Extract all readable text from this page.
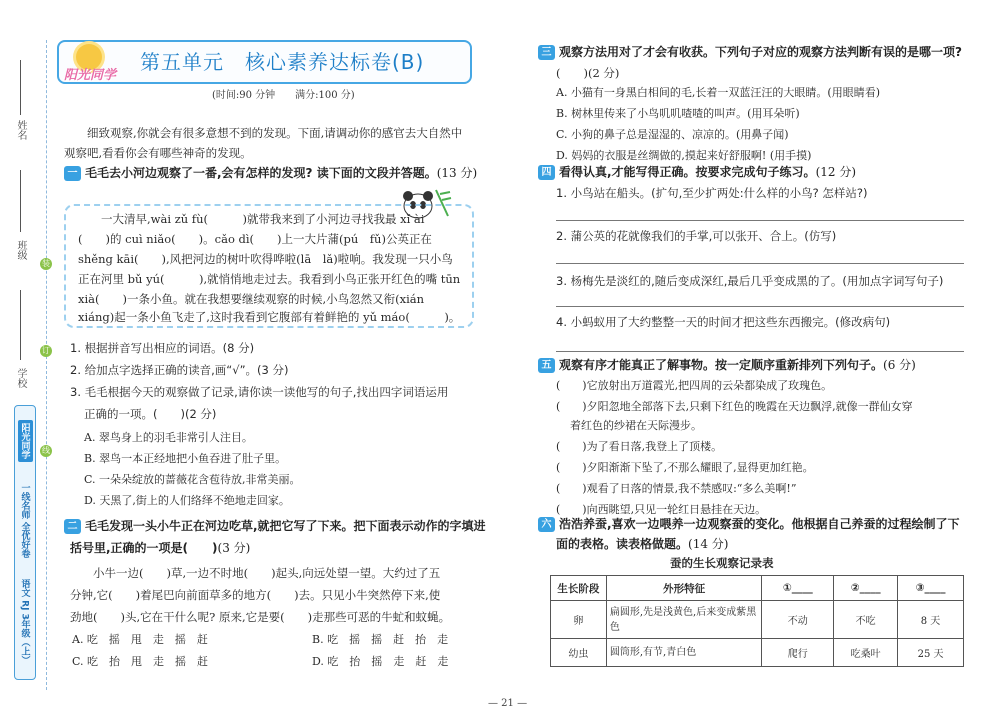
姓名
班级
学校
装
订
线
阳光同学
一线名师 全优好卷
语文 RJ 3年级（上）
阳光同学
第五单元　核心素养达标卷(B)
(时间:90 分钟　　满分:100 分)
　　细致观察,你就会有很多意想不到的发现。下面,请调动你的感官去大自然中
观察吧,看看你会有哪些神奇的发现。
一 毛毛去小河边观察了一番,会有怎样的发现? 读下面的文段并答题。(13 分)
　　一大清早,wài zǔ fù(　　　)就带我来到了小河边寻找我最 xǐ ài
(　　)的 cuì niǎo(　　)。cǎo dì(　　)上一大片蒲(pú　fǔ)公英正在
shěng kāi(　　),风把河边的树叶吹得哗啦(lā　lǎ)啦响。我发现一只小鸟
正在河里 bǔ yú(　　　),就悄悄地走过去。我看到小鸟正张开红色的嘴 tūn
xià(　　)一条小鱼。就在我想要继续观察的时候,小鸟忽然又衔(xián
xiáng)起一条小鱼飞走了,这时我看到它腹部有着鲜艳的 yǔ máo(　　　)。
1. 根据拼音写出相应的词语。(8 分)
2. 给加点字选择正确的读音,画“√”。(3 分)
3. 毛毛根据今天的观察做了记录,请你读一读他写的句子,找出四字词语运用
正确的一项。(　　)(2 分)
A. 翠鸟身上的羽毛非常引人注目。
B. 翠鸟一本正经地把小鱼吞进了肚子里。
C. 一朵朵绽放的蔷薇花含苞待放,非常美丽。
D. 天黑了,街上的人们络绎不绝地走回家。
二 毛毛发现一头小牛正在河边吃草,就把它写了下来。把下面表示动作的字填进
括号里,正确的一项是(　　)(3 分)
　　小牛一边(　　)草,一边不时地(　　)起头,向远处望一望。大约过了五
分钟,它(　　)着尾巴向前面草多的地方(　　)去。只见小牛突然停下来,使
劲地(　　)头,它在干什么呢? 原来,它是要(　　)走那些可恶的牛虻和蚊蝇。
A. 吃　摇　甩　走　摇　赶	B. 吃　摇　摇　赶　抬　走
C. 吃　抬　甩　走　摇　赶	D. 吃　抬　摇　走　赶　走
三 观察方法用对了才会有收获。下列句子对应的观察方法判断有误的是哪一项?
(　　)(2 分)
A. 小猫有一身黑白相间的毛,长着一双蓝汪汪的大眼睛。(用眼睛看)
B. 树林里传来了小鸟叽叽喳喳的叫声。(用耳朵听)
C. 小狗的鼻子总是湿湿的、凉凉的。(用鼻子闻)
D. 妈妈的衣服是丝绸做的,摸起来好舒服啊! (用手摸)
四 看得认真,才能写得正确。按要求完成句子练习。(12 分)
1. 小鸟站在船头。(扩句,至少扩两处:什么样的小鸟? 怎样站?)
2. 蒲公英的花就像我们的手掌,可以张开、合上。(仿写)
3. 杨梅先是淡红的,随后变成深红,最后几乎变成黑的了。(用加点字词写句子)
4. 小蚂蚁用了大约整整一天的时间才把这些东西搬完。(修改病句)
五 观察有序才能真正了解事物。按一定顺序重新排列下列句子。(6 分)
(　　)它放射出万道霞光,把四周的云朵都染成了玫瑰色。
(　　)夕阳忽地全部落下去,只剩下红色的晚霞在天边飘浮,就像一群仙女穿
着红色的纱裙在天际漫步。
(　　)为了看日落,我登上了顶楼。
(　　)夕阳渐渐下坠了,不那么耀眼了,显得更加红艳。
(　　)观看了日落的情景,我不禁感叹:“多么美啊!”
(　　)向西眺望,只见一轮红日悬挂在天边。
六 浩浩养蚕,喜欢一边喂养一边观察蚕的变化。他根据自己养蚕的过程绘制了下
面的表格。读表格做题。(14 分)
蚕的生长观察记录表
生长阶段	外形特征	①____	②____	③____
卵	扁圆形,先是浅黄色,后来变成紫黑色	不动	不吃	8 天
幼虫	圆筒形,有节,青白色	爬行	吃桑叶	25 天
— 21 —
